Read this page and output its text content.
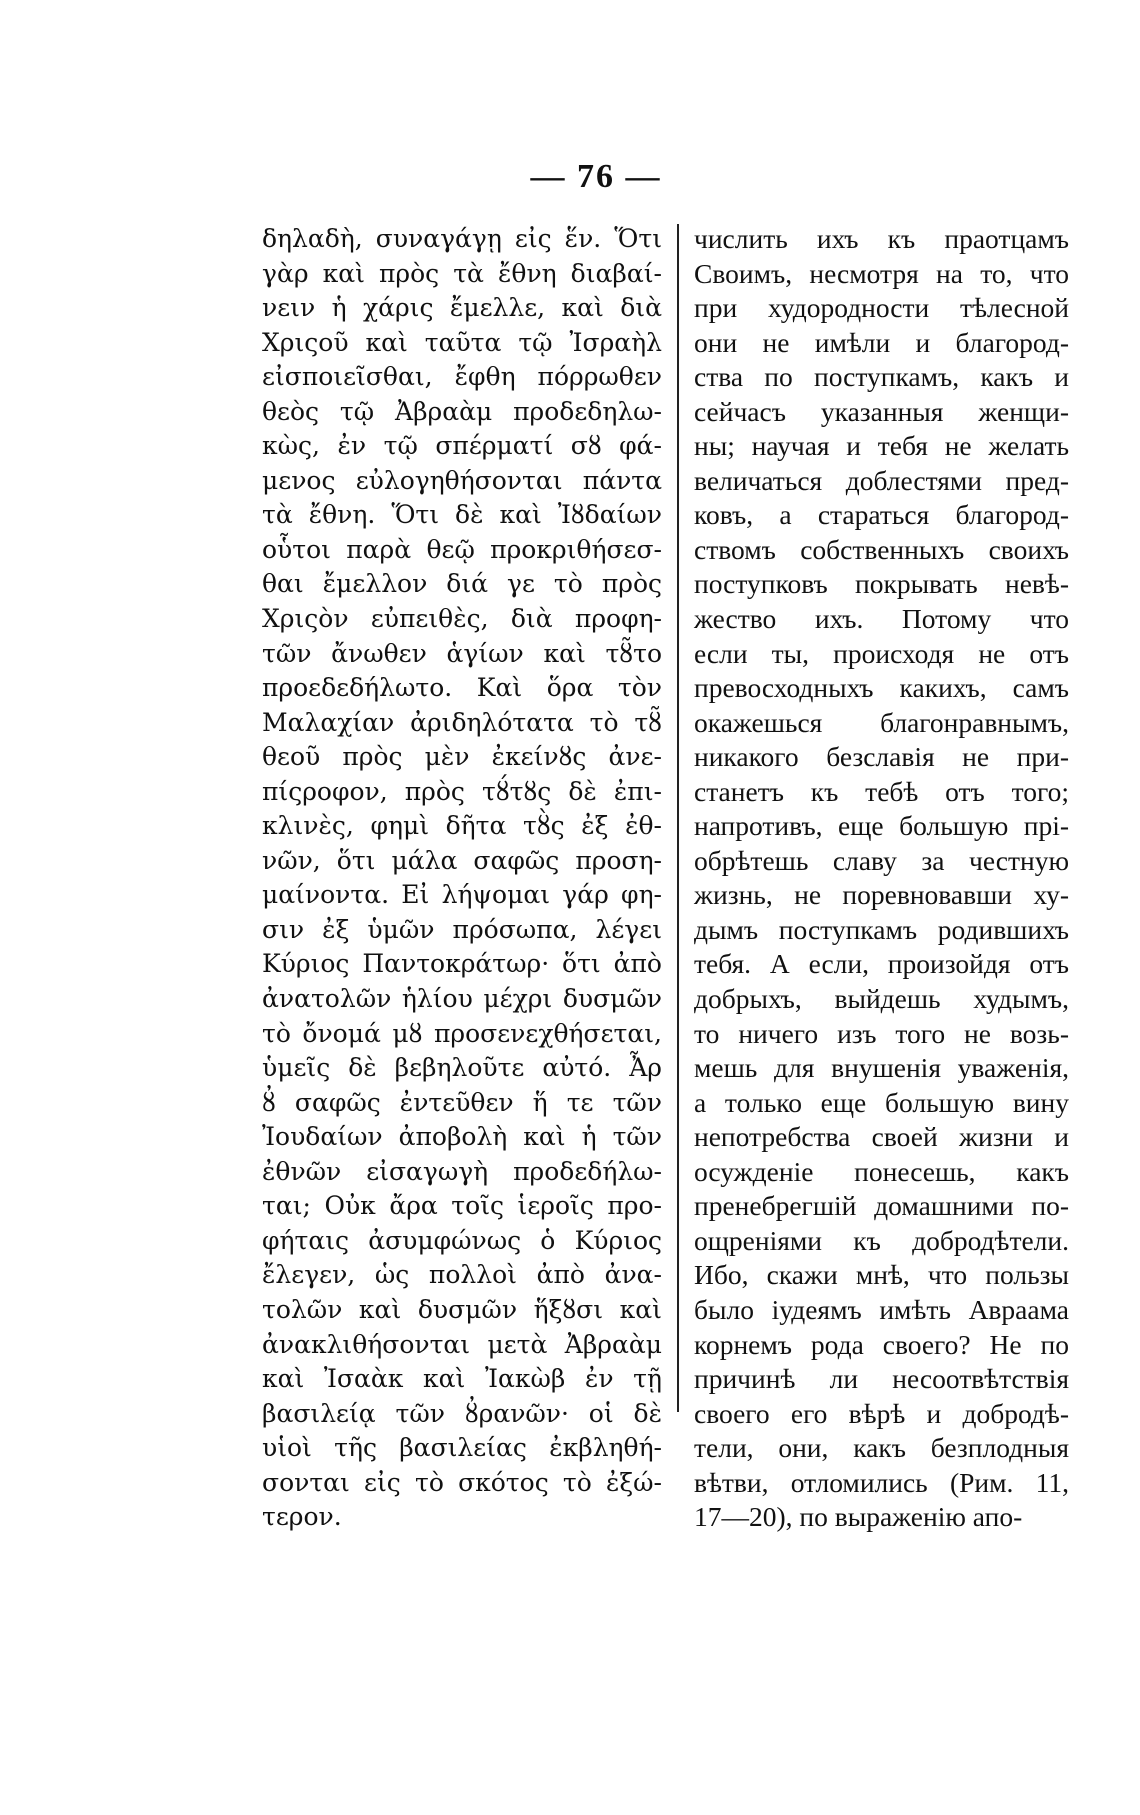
— 76 —
δηλαδὴ, συναγάγῃ εἰς ἕν. Ὅτι
γὰρ καὶ πρὸς τὰ ἔθνη διαβαί-
νειν ἡ χάρις ἔμελλε, καὶ διὰ
Χριςοῦ καὶ ταῦτα τῷ Ἰσραὴλ
εἰσποιεῖσθαι, ἔφθη πόρρωθεν
θεὸς τῷ Ἀβραὰμ προδεδηλω-
κὼς, ἐν τῷ σπέρματί σȣ φά-
μενος εὐλογηθήσονται πάντα
τὰ ἔθνη. Ὅτι δὲ καὶ Ἰȣδαίων
οὗτοι παρὰ θεῷ προκριθήσεσ-
θαι ἔμελλον διά γε τὸ πρὸς
Χριςὸν εὐπειθὲς, διὰ προφη-
τῶν ἄνωθεν ἁγίων καὶ τȣ̃το
προεδεδήλωτο. Καὶ ὅρα τὸν
Μαλαχίαν ἀριδηλότατα τὸ τȣ̃
θεοῦ πρὸς μὲν ἐκείνȣς ἀνε-
πίςροφον, πρὸς τȣ́τȣς δὲ ἐπι-
κλινὲς, φημὶ δῆτα τȣ̀ς ἐξ ἐθ-
νῶν, ὅτι μάλα σαφῶς προση-
μαίνοντα. Εἰ λήψομαι γάρ φη-
σιν ἐξ ὑμῶν πρόσωπα, λέγει
Κύριος Παντοκράτωρ· ὅτι ἀπὸ
ἀνατολῶν ἡλίου μέχρι δυσμῶν
τὸ ὄνομά μȣ προσενεχθήσεται,
ὑμεῖς δὲ βεβηλοῦτε αὐτό. Ἆρ
ȣ̓ σαφῶς ἐντεῦθεν ἥ τε τῶν
Ἰουδαίων ἀποβολὴ καὶ ἡ τῶν
ἐθνῶν εἰσαγωγὴ προδεδήλω-
ται; Οὐκ ἄρα τοῖς ἱεροῖς προ-
φήταις ἀσυμφώνως ὁ Κύριος
ἔλεγεν, ὡς πολλοὶ ἀπὸ ἀνα-
τολῶν καὶ δυσμῶν ἥξȣσι καὶ
ἀνακλιθήσονται μετὰ Ἀβραὰμ
καὶ Ἰσαὰκ καὶ Ἰακὼβ ἐν τῇ
βασιλείᾳ τῶν ȣ̓ρανῶν· οἱ δὲ
υἱοὶ τῆς βασιλείας ἐκβληθή-
σονται εἰς τὸ σκότος τὸ ἐξώ-
τερον.
числить ихъ къ праотцамъ
Своимъ, несмотря на то, что
при худородности тѣлесной
они не имѣли и благород-
ства по поступкамъ, какъ и
сейчасъ указанныя женщи-
ны; научая и тебя не желать
величаться доблестями пред-
ковъ, а стараться благород-
ствомъ собственныхъ своихъ
поступковъ покрывать невѣ-
жество ихъ. Потому что
если ты, происходя не отъ
превосходныхъ какихъ, самъ
окажешься благонравнымъ,
никакого безславія не при-
станетъ къ тебѣ отъ того;
напротивъ, еще большую прі-
обрѣтешь славу за честную
жизнь, не поревновавши ху-
дымъ поступкамъ родившихъ
тебя. А если, произойдя отъ
добрыхъ, выйдешь худымъ,
то ничего изъ того не возь-
мешь для внушенія уваженія,
а только еще большую вину
непотребства своей жизни и
осужденіе понесешь, какъ
пренебрегшій домашними по-
ощреніями къ добродѣтели.
Ибо, скажи мнѣ, что пользы
было іудеямъ имѣть Авраама
корнемъ рода своего? Не по
причинѣ ли несоотвѣтствія
своего его вѣрѣ и добродѣ-
тели, они, какъ безплодныя
вѣтви, отломились (Рим. 11,
17—20), по выраженію апо-
